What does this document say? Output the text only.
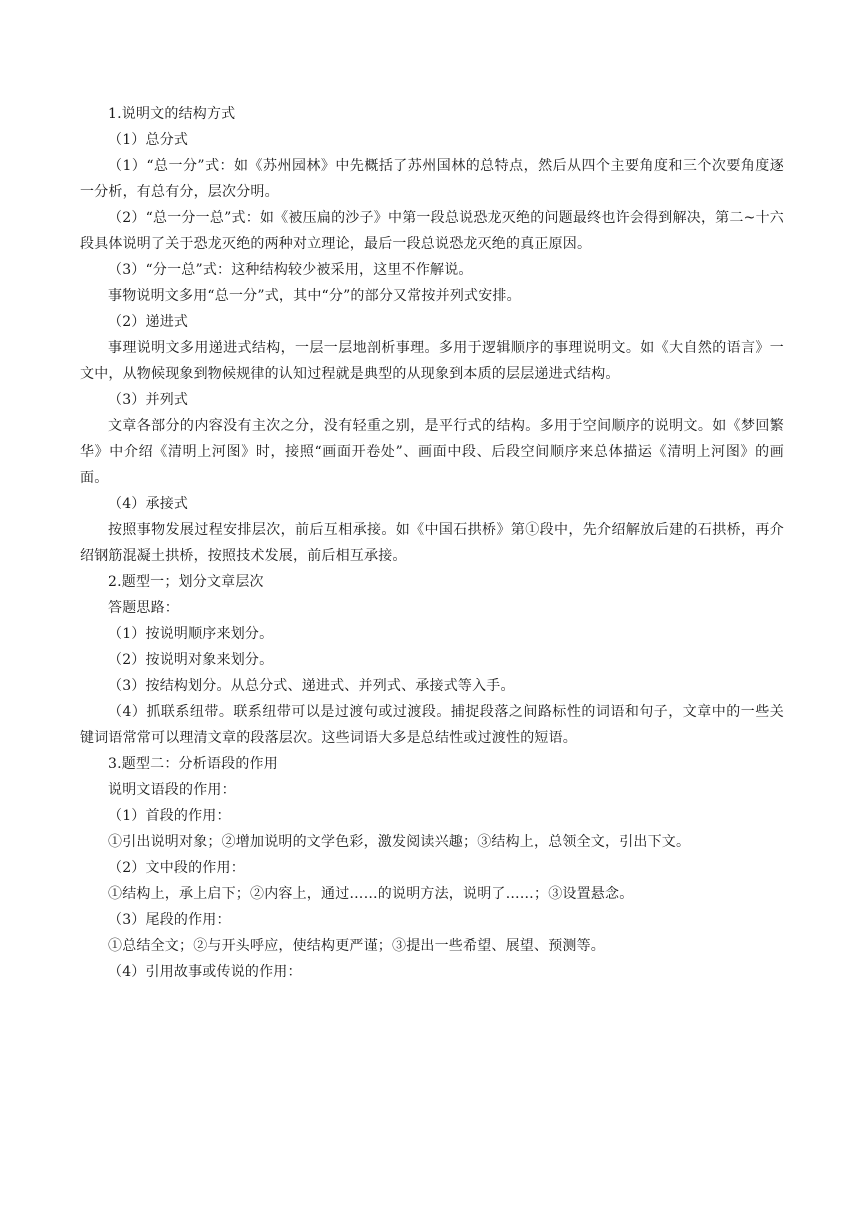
1.说明文的结构方式

（1）总分式

（1）“总一分”式：如《苏州园林》中先概括了苏州国林的总特点，然后从四个主要角度和三个次要角度逐一分析，有总有分，层次分明。

（2）“总一分一总”式：如《被压扁的沙子》中第一段总说恐龙灭绝的问题最终也许会得到解决，第二~十六段具体说明了关于恐龙灭绝的两种对立理论，最后一段总说恐龙灭绝的真正原因。

（3）“分一总”式：这种结构较少被采用，这里不作解说。

事物说明文多用“总一分”式，其中“分”的部分又常按并列式安排。

（2）递进式

事理说明文多用递进式结构，一层一层地剖析事理。多用于逻辑顺序的事理说明文。如《大自然的语言》一文中，从物候现象到物候规律的认知过程就是典型的从现象到本质的层层递进式结构。

（3）并列式

文章各部分的内容没有主次之分，没有轻重之别，是平行式的结构。多用于空间顺序的说明文。如《梦回繁华》中介绍《清明上河图》时，接照“画面开卷处”、画面中段、后段空间顺序来总体描运《清明上河图》的画面。

（4）承接式

按照事物发展过程安排层次，前后互相承接。如《中国石拱桥》第①段中，先介绍解放后建的石拱桥，再介绍钢筋混凝土拱桥，按照技术发展，前后相互承接。

2.题型一；划分文章层次

答题思路：

（1）按说明顺序来划分。

（2）按说明对象来划分。

（3）按结构划分。从总分式、递进式、并列式、承接式等入手。

（4）抓联系纽带。联系纽带可以是过渡句或过渡段。捕捉段落之间路标性的词语和句子，文章中的一些关键词语常常可以理清文章的段落层次。这些词语大多是总结性或过渡性的短语。

3.题型二：分析语段的作用

说明文语段的作用：

（1）首段的作用：

①引出说明对象；②增加说明的文学色彩，激发阅读兴趣；③结构上，总领全文，引出下文。

（2）文中段的作用：

①结构上，承上启下；②内容上，通过……的说明方法，说明了……；③设置悬念。

（3）尾段的作用：

①总结全文；②与开头呼应，使结构更严谨；③提出一些希望、展望、预测等。

（4）引用故事或传说的作用：
